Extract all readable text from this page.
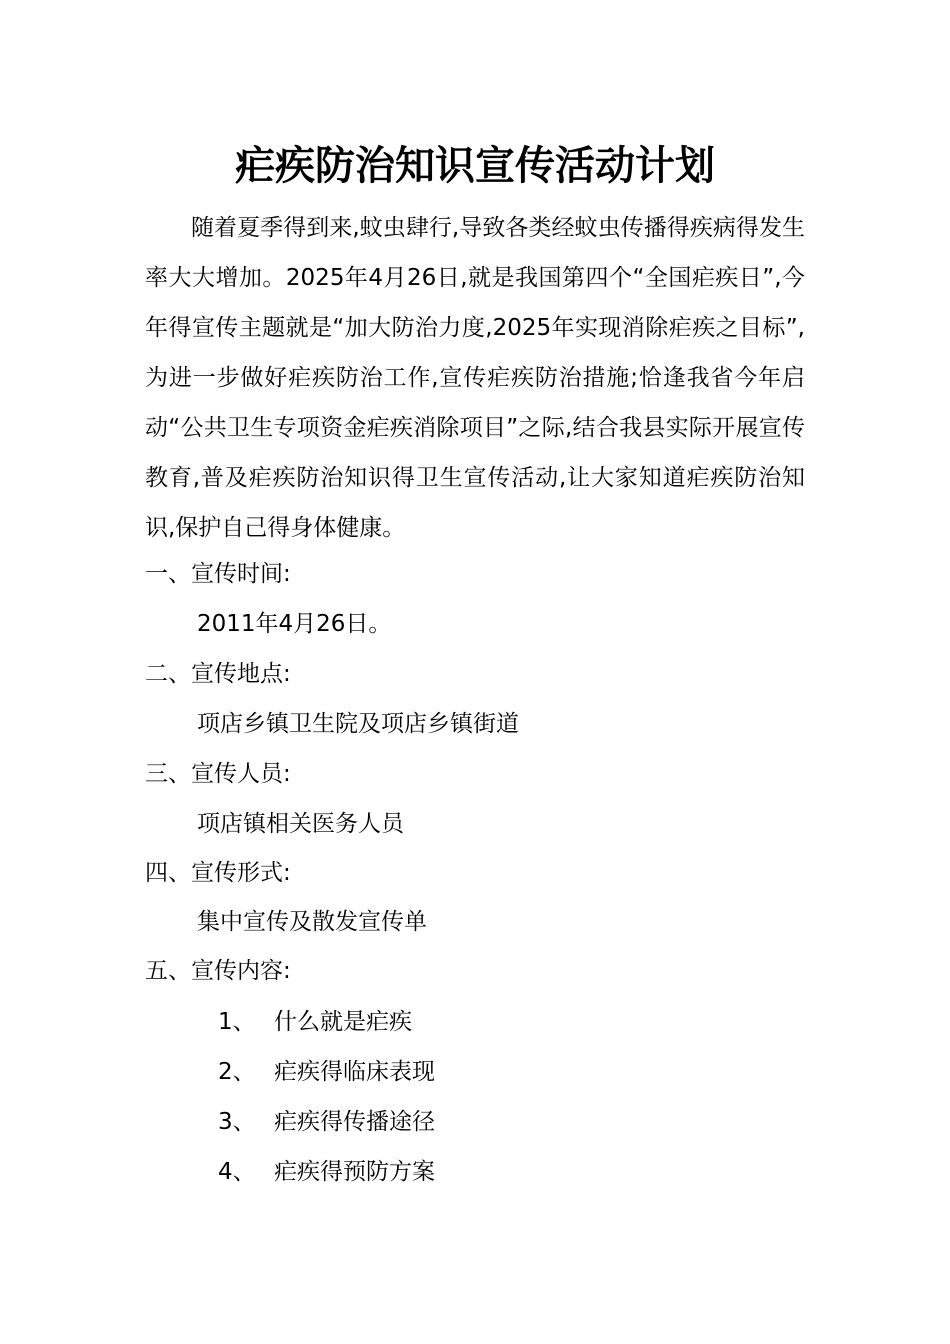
疟疾防治知识宣传活动计划

随着夏季得到来,蚊虫肆行,导致各类经蚊虫传播得疾病得发生率大大增加。2025年4月26日,就是我国第四个“全国疟疾日”,今年得宣传主题就是“加大防治力度,2025年实现消除疟疾之目标”,为进一步做好疟疾防治工作,宣传疟疾防治措施;恰逢我省今年启动“公共卫生专项资金疟疾消除项目”之际,结合我县实际开展宣传教育,普及疟疾防治知识得卫生宣传活动,让大家知道疟疾防治知识,保护自己得身体健康。

一、宣传时间:
2011年4月26日。
二、宣传地点:
项店乡镇卫生院及项店乡镇街道
三、宣传人员:
项店镇相关医务人员
四、宣传形式:
集中宣传及散发宣传单
五、宣传内容:
1、 什么就是疟疾
2、 疟疾得临床表现
3、 疟疾得传播途径
4、 疟疾得预防方案
